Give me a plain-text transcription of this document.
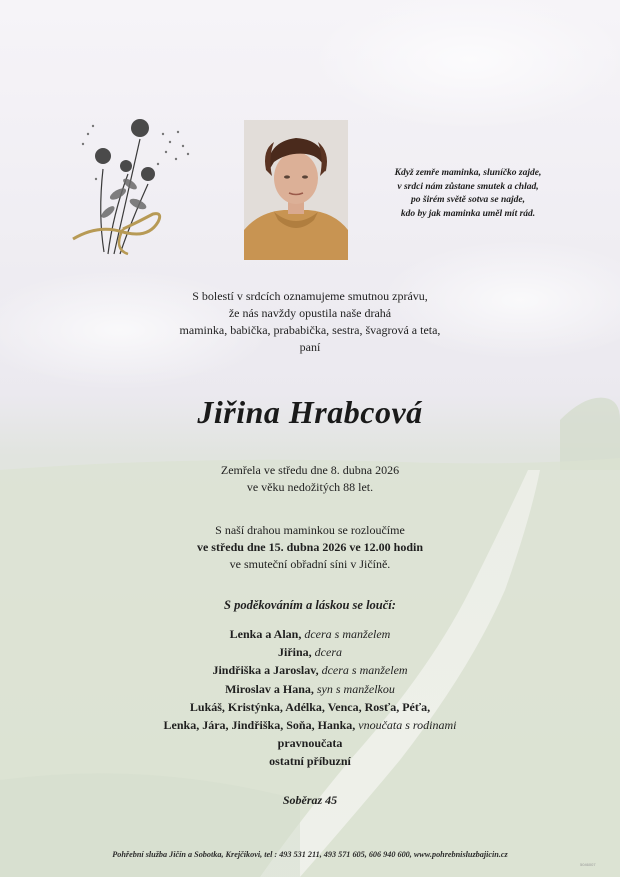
Když zemře maminka, sluníčko zajde,
v srdci nám zůstane smutek a chlad,
po širém světě sotva se najde,
kdo by jak maminka uměl mít rád.
S bolestí v srdcích oznamujeme smutnou zprávu,
že nás navždy opustila naše drahá
maminka, babička, prababička, sestra, švagrová a teta,
paní
Jiřina Hrabcová
Zemřela ve středu dne 8. dubna 2026
ve věku nedožitých 88 let.
S naší drahou maminkou se rozloučíme
ve středu dne 15. dubna 2026 ve 12.00 hodin
ve smuteční obřadní síni v Jičíně.
S poděkováním a láskou se loučí:
Lenka a Alan, dcera s manželem
Jiřina, dcera
Jindřiška a Jaroslav, dcera s manželem
Miroslav a Hana, syn s manželkou
Lukáš, Kristýnka, Adélka, Venca, Rosťa, Péťa,
Lenka, Jára, Jindřiška, Soňa, Hanka, vnoučata s rodinami
pravnoučata
ostatní příbuzní
Soběraz 45
Pohřební služba Jičín a Sobotka, Krejčíkovi, tel : 493 531 211, 493 571 605, 606 940 600, www.pohrebnisluzbajicin.cz
5046007
